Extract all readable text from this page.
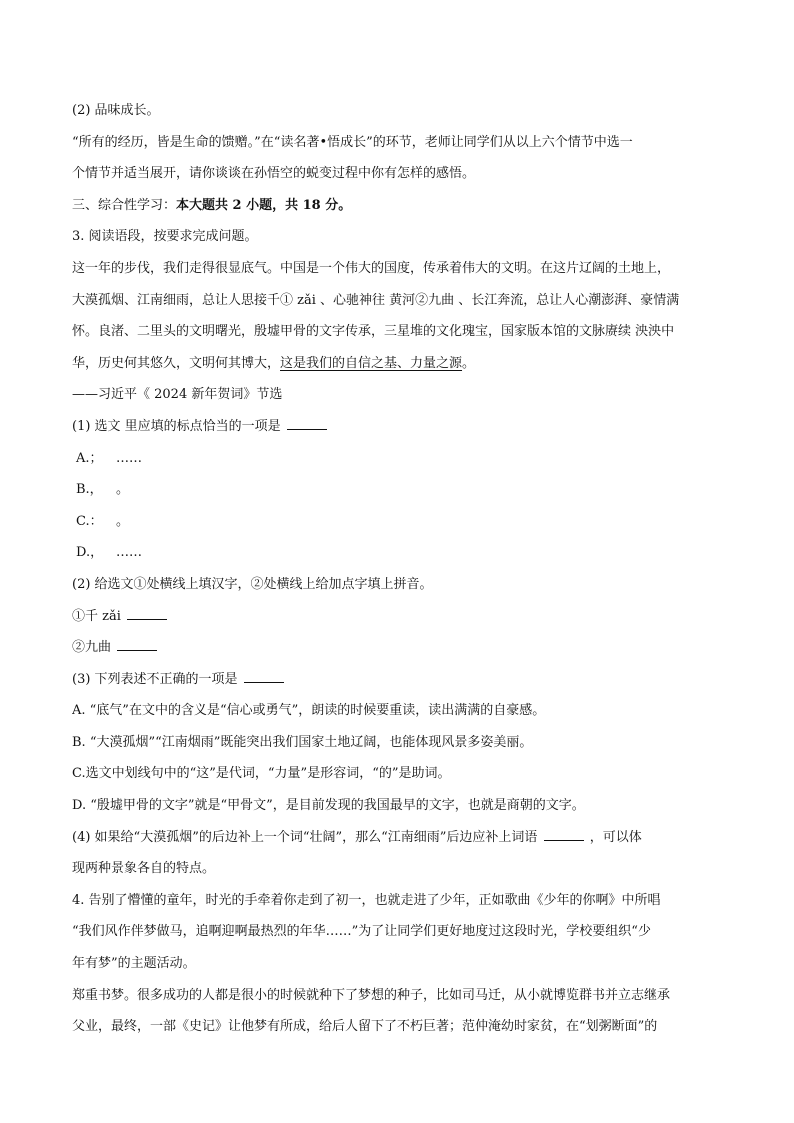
(2) 品味成长。
“所有的经历，皆是生命的馈赠。”在“读名著•悟成长”的环节，老师让同学们从以上六个情节中选一
个情节并适当展开，请你谈谈在孙悟空的蜕变过程中你有怎样的感悟。
三、综合性学习：本大题共 2 小题，共 18 分。
3. 阅读语段，按要求完成问题。
这一年的步伐，我们走得很显底气。中国是一个伟大的国度，传承着伟大的文明。在这片辽阔的土地上，
大漠孤烟、江南细雨，总让人思接千① zǎi 、心驰神往 黄河②九曲 、长江奔流，总让人心潮澎湃、豪情满
怀。良渚、二里头的文明曙光，殷墟甲骨的文字传承，三星堆的文化瑰宝，国家版本馆的文脉赓续 泱泱中
华，历史何其悠久，文明何其博大，这是我们的自信之基、力量之源。
——习近平《 2024 新年贺词》节选
(1) 选文 里应填的标点恰当的一项是
A.； ……
B.， 。
C.： 。
D.， ……
(2) 给选文①处横线上填汉字，②处横线上给加点字填上拼音。
①千 zǎi
②九曲
(3) 下列表述不正确的一项是
A. “底气”在文中的含义是“信心或勇气”，朗读的时候要重读，读出满满的自豪感。
B. “大漠孤烟”“江南烟雨”既能突出我们国家土地辽阔，也能体现风景多姿美丽。
C.选文中划线句中的“这”是代词，“力量”是形容词，“的”是助词。
D. “殷墟甲骨的文字”就是“甲骨文”，是目前发现的我国最早的文字，也就是商朝的文字。
(4) 如果给“大漠孤烟”的后边补上一个词“壮阔”，那么“江南细雨”后边应补上词语	，可以体
现两种景象各自的特点。
4. 告别了懵懂的童年，时光的手牵着你走到了初一，也就走进了少年，正如歌曲《少年的你啊》中所唱
“我们风作伴梦做马，追啊迎啊最热烈的年华……”为了让同学们更好地度过这段时光，学校要组织“少
年有梦”的主题活动。
郑重书梦。很多成功的人都是很小的时候就种下了梦想的种子，比如司马迁，从小就博览群书并立志继承
父业，最终，一部《史记》让他梦有所成，给后人留下了不朽巨著；范仲淹幼时家贫，在“划粥断面”的
